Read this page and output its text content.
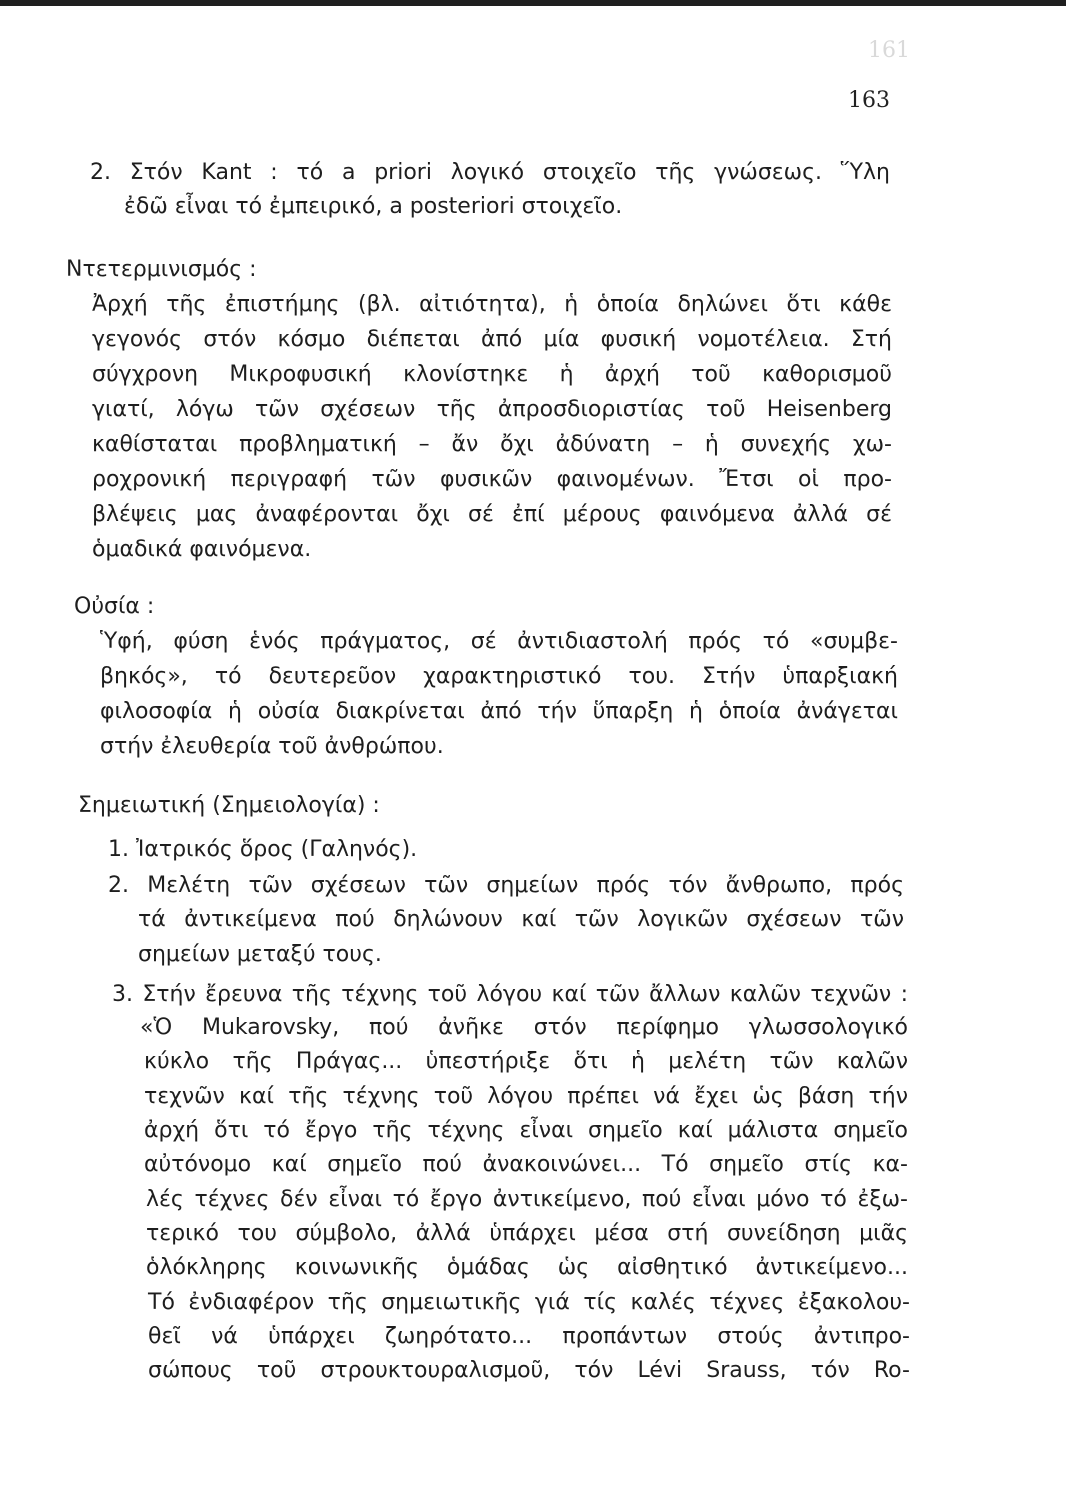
161
163
2. Στόν Kant : τό a priori λογικό στοιχεῖο τῆς γνώσεως. Ὕλη
ἐδῶ εἶναι τό ἐμπειρικό, a posteriori στοιχεῖο.
Ντετερμινισμός :
Ἀρχή τῆς ἐπιστήμης (βλ. αἰτιότητα), ἡ ὁποία δηλώνει ὅτι κάθε
γεγονός στόν κόσμο διέπεται ἀπό μία φυσική νομοτέλεια. Στή
σύγχρονη Μικροφυσική κλονίστηκε ἡ ἀρχή τοῦ καθορισμοῦ
γιατί, λόγω τῶν σχέσεων τῆς ἀπροσδιοριστίας τοῦ Heisenberg
καθίσταται προβληματική – ἄν ὄχι ἀδύνατη – ἡ συνεχής χω-
ροχρονική περιγραφή τῶν φυσικῶν φαινομένων. Ἔτσι οἱ προ-
βλέψεις μας ἀναφέρονται ὄχι σέ ἐπί μέρους φαινόμενα ἀλλά σέ
ὁμαδικά φαινόμενα.
Οὐσία :
Ὑφή, φύση ἑνός πράγματος, σέ ἀντιδιαστολή πρός τό «συμβε-
βηκός», τό δευτερεῦον χαρακτηριστικό του. Στήν ὑπαρξιακή
φιλοσοφία ἡ οὐσία διακρίνεται ἀπό τήν ὕπαρξη ἡ ὁποία ἀνάγεται
στήν ἐλευθερία τοῦ ἀνθρώπου.
Σημειωτική (Σημειολογία) :
1. Ἰατρικός ὅρος (Γαληνός).
2. Μελέτη τῶν σχέσεων τῶν σημείων πρός τόν ἄνθρωπο, πρός
τά ἀντικείμενα πού δηλώνουν καί τῶν λογικῶν σχέσεων τῶν
σημείων μεταξύ τους.
3. Στήν ἔρευνα τῆς τέχνης τοῦ λόγου καί τῶν ἄλλων καλῶν τεχνῶν :
«Ὁ Mukarovsky, πού ἀνῆκε στόν περίφημο γλωσσολογικό
κύκλο τῆς Πράγας... ὑπεστήριξε ὅτι ἡ μελέτη τῶν καλῶν
τεχνῶν καί τῆς τέχνης τοῦ λόγου πρέπει νά ἔχει ὡς βάση τήν
ἀρχή ὅτι τό ἔργο τῆς τέχνης εἶναι σημεῖο καί μάλιστα σημεῖο
αὐτόνομο καί σημεῖο πού ἀνακοινώνει... Τό σημεῖο στίς κα-
λές τέχνες δέν εἶναι τό ἔργο ἀντικείμενο, πού εἶναι μόνο τό ἐξω-
τερικό του σύμβολο, ἀλλά ὑπάρχει μέσα στή συνείδηση μιᾶς
ὁλόκληρης κοινωνικῆς ὁμάδας ὡς αἰσθητικό ἀντικείμενο...
Τό ἐνδιαφέρον τῆς σημειωτικῆς γιά τίς καλές τέχνες ἐξακολου-
θεῖ νά ὑπάρχει ζωηρότατο... προπάντων στούς ἀντιπρο-
σώπους τοῦ στρουκτουραλισμοῦ, τόν Lévi Srauss, τόν Ro-
